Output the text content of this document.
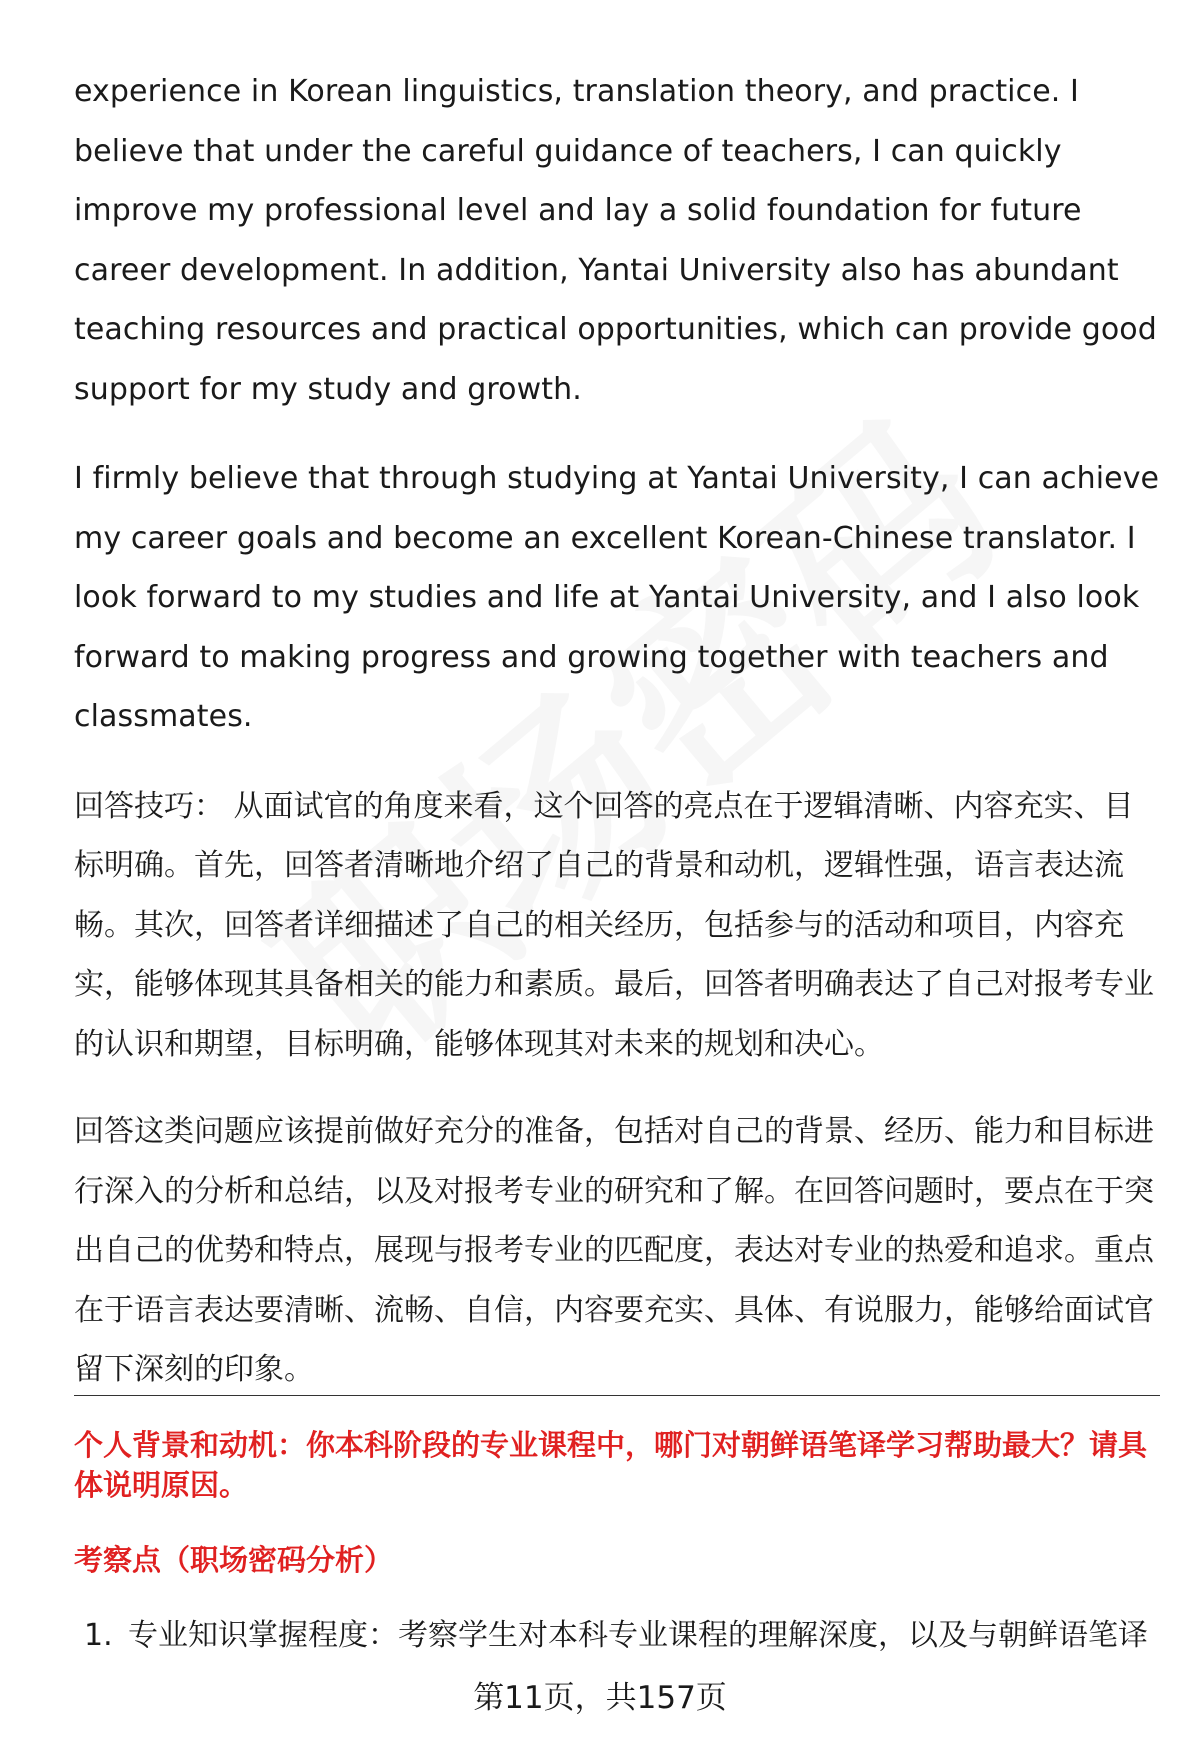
experience in Korean linguistics, translation theory, and practice. I believe that under the careful guidance of teachers, I can quickly improve my professional level and lay a solid foundation for future career development. In addition, Yantai University also has abundant teaching resources and practical opportunities, which can provide good support for my study and growth.

I firmly believe that through studying at Yantai University, I can achieve my career goals and become an excellent Korean-Chinese translator. I look forward to my studies and life at Yantai University, and I also look forward to making progress and growing together with teachers and classmates.

回答技巧： 从面试官的角度来看，这个回答的亮点在于逻辑清晰、内容充实、目标明确。首先，回答者清晰地介绍了自己的背景和动机，逻辑性强，语言表达流畅。其次，回答者详细描述了自己的相关经历，包括参与的活动和项目，内容充实，能够体现其具备相关的能力和素质。最后，回答者明确表达了自己对报考专业的认识和期望，目标明确，能够体现其对未来的规划和决心。

回答这类问题应该提前做好充分的准备，包括对自己的背景、经历、能力和目标进行深入的分析和总结，以及对报考专业的研究和了解。在回答问题时，要点在于突出自己的优势和特点，展现与报考专业的匹配度，表达对专业的热爱和追求。重点在于语言表达要清晰、流畅、自信，内容要充实、具体、有说服力，能够给面试官留下深刻的印象。

个人背景和动机：你本科阶段的专业课程中，哪门对朝鲜语笔译学习帮助最大？请具体说明原因。

考察点（职场密码分析）

1. 专业知识掌握程度：考察学生对本科专业课程的理解深度，以及与朝鲜语笔译

第11页，共157页
